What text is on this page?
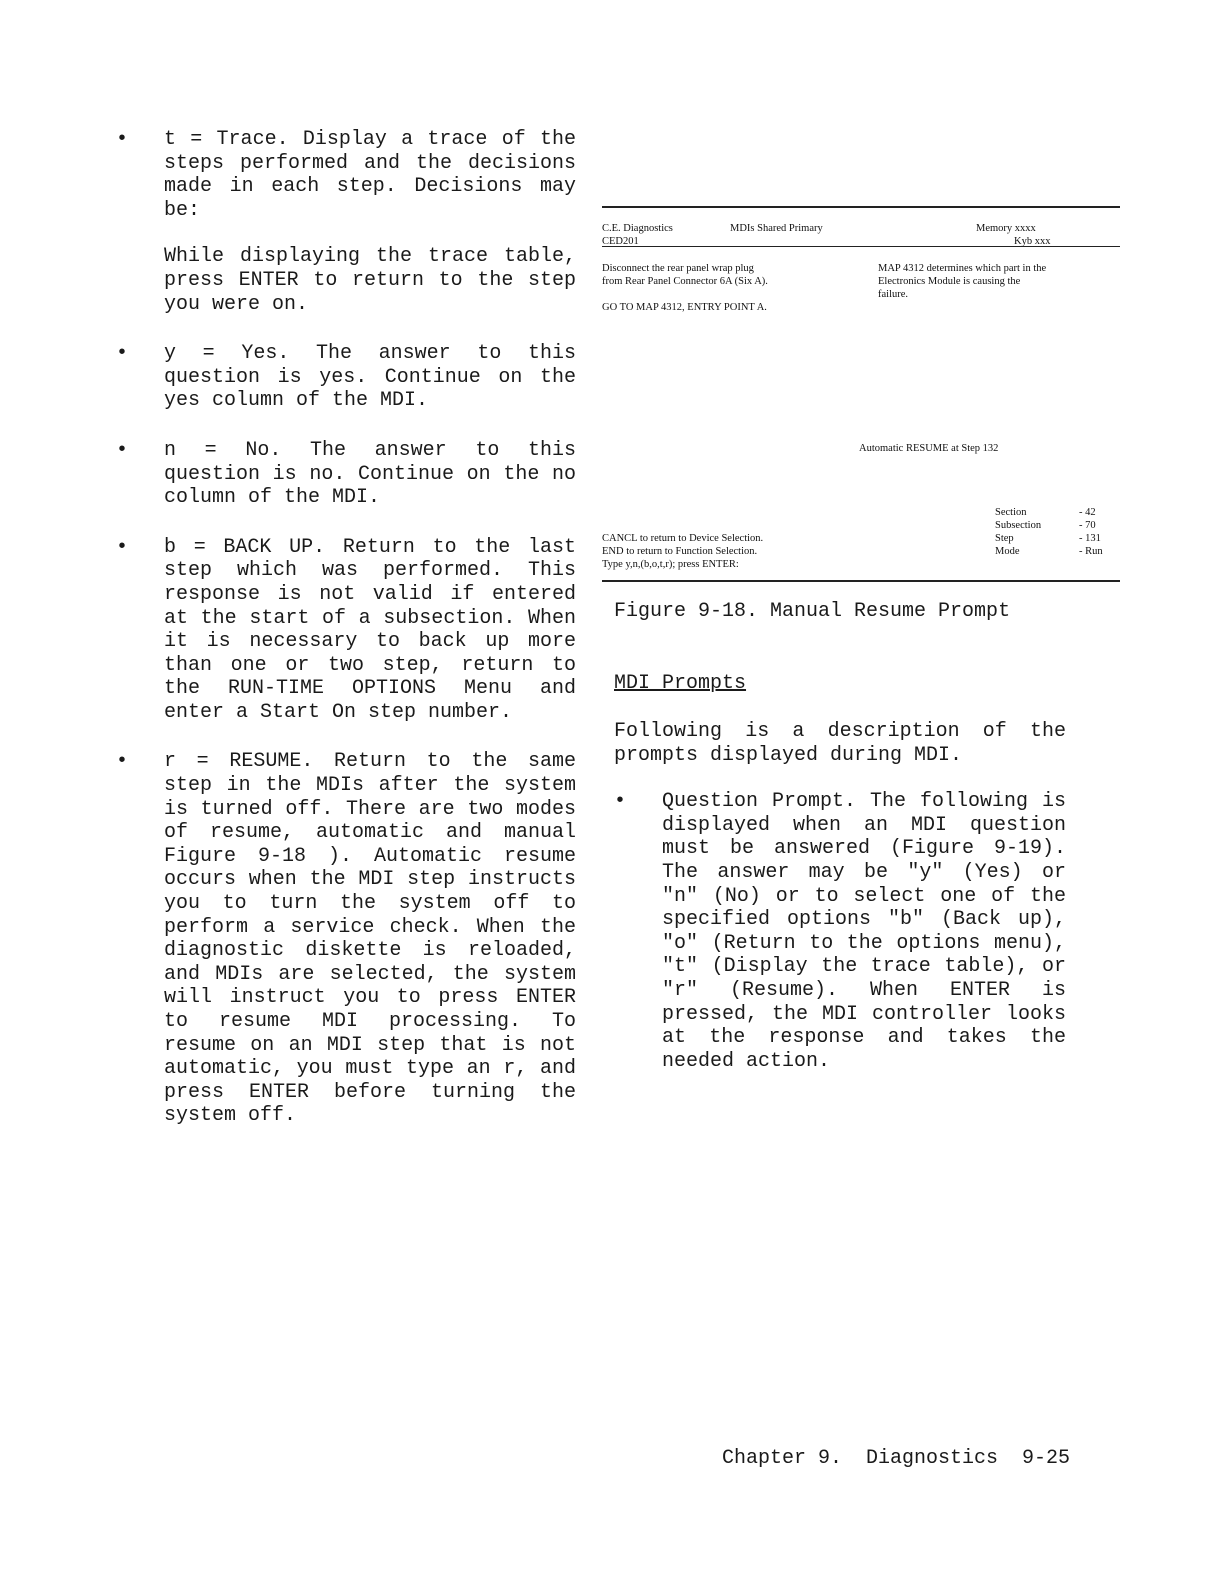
• t = Trace. Display a trace of the steps performed and the decisions made in each step. Decisions may be:

While displaying the trace table, press ENTER to return to the step you were on.

• y = Yes. The answer to this question is yes. Continue on the yes column of the MDI.

• n = No. The answer to this question is no. Continue on the no column of the MDI.

• b = BACK UP. Return to the last step which was performed. This response is not valid if entered at the start of a subsection. When it is necessary to back up more than one or two step, return to the RUN-TIME OPTIONS Menu and enter a Start On step number.

• r = RESUME. Return to the same step in the MDIs after the system is turned off. There are two modes of resume, automatic and manual Figure 9-18 ). Automatic resume occurs when the MDI step instructs you to turn the system off to perform a service check. When the diagnostic diskette is reloaded, and MDIs are selected, the system will instruct you to press ENTER to resume MDI processing. To resume on an MDI step that is not automatic, you must type an r, and press ENTER before turning the system off.

C.E. Diagnostics	MDIs Shared Primary	Memory xxxx
CED201	Kyb xxx
Disconnect the rear panel wrap plug
from Rear Panel Connector 6A (Six A).
GO TO MAP 4312, ENTRY POINT A.
MAP 4312 determines which part in the
Electronics Module is causing the
failure.
Automatic RESUME at Step 132
Section	- 42
Subsection	- 70
Step	- 131
Mode	- Run
CANCL to return to Device Selection.
END to return to Function Selection.
Type y,n,(b,o,t,r); press ENTER:
Figure 9-18. Manual Resume Prompt
MDI Prompts

Following is a description of the prompts displayed during MDI.

• Question Prompt. The following is displayed when an MDI question must be answered (Figure 9-19). The answer may be "y" (Yes) or "n" (No) or to select one of the specified options "b" (Back up), "o" (Return to the options menu), "t" (Display the trace table), or "r" (Resume). When ENTER is pressed, the MDI controller looks at the response and takes the needed action.

Chapter 9.  Diagnostics  9-25
